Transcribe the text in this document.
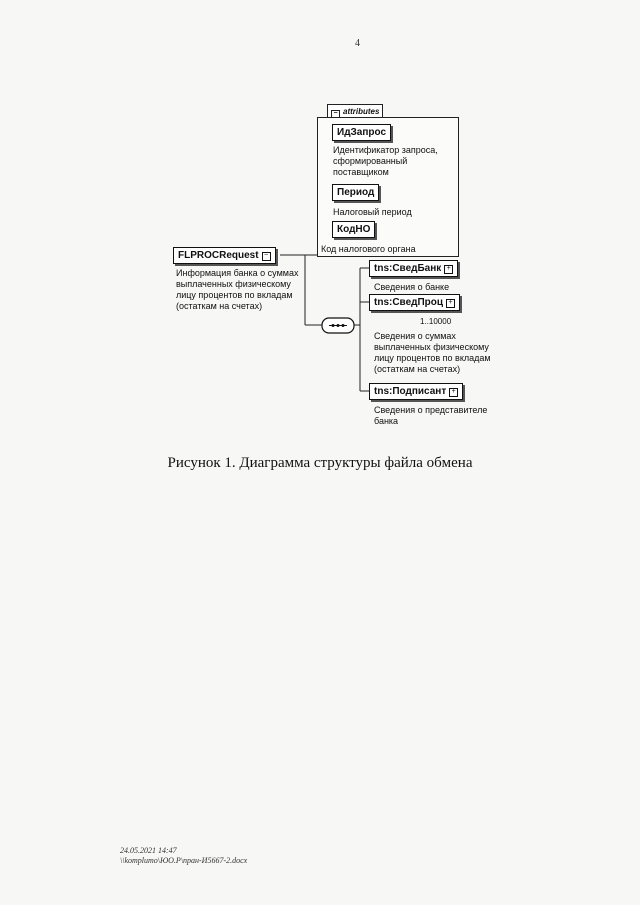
4
FLPROCRequest −
Информация банка о суммах выплаченных физическому лицу процентов по вкладам (остаткам на счетах)
− attributes
ИдЗапрос
Идентификатор запроса, сформированный поставщиком
Период
Налоговый период
КодНО
Код налогового органа
tns:СведБанк +
Сведения о банке
tns:СведПроц +
1..10000
Сведения о суммах выплаченных физическому лицу процентов по вкладам (остаткам на счетах)
tns:Подписант +
Сведения о представителе банка
Рисунок 1. Диаграмма структуры файла обмена
24.05.2021 14:47
\\komplumo\ЮО.Р\пран-И5667-2.docx
